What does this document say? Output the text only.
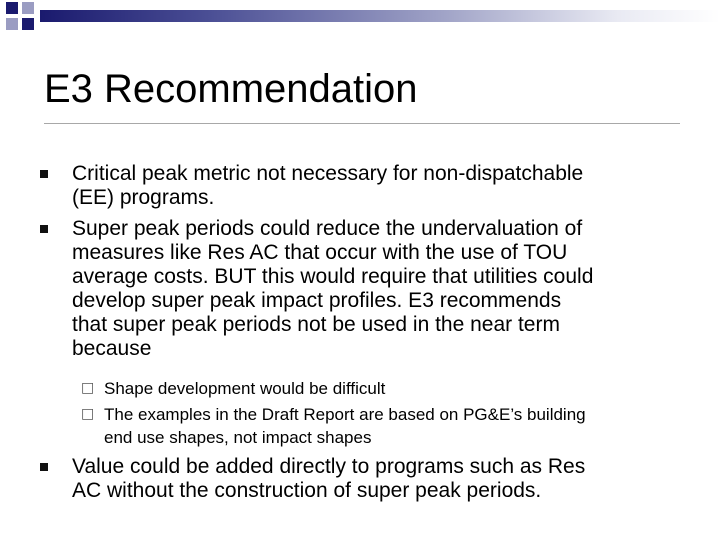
E3 Recommendation
Critical peak metric not necessary for non-dispatchable
(EE) programs.
Super peak periods could reduce the undervaluation of
measures like Res AC that occur with the use of TOU
average costs. BUT this would require that utilities could
develop super peak impact profiles. E3 recommends
that super peak periods not be used in the near term
because
□ Shape development would be difficult
□ The examples in the Draft Report are based on PG&E’s building
end use shapes, not impact shapes
Value could be added directly to programs such as Res
AC without the construction of super peak periods.
